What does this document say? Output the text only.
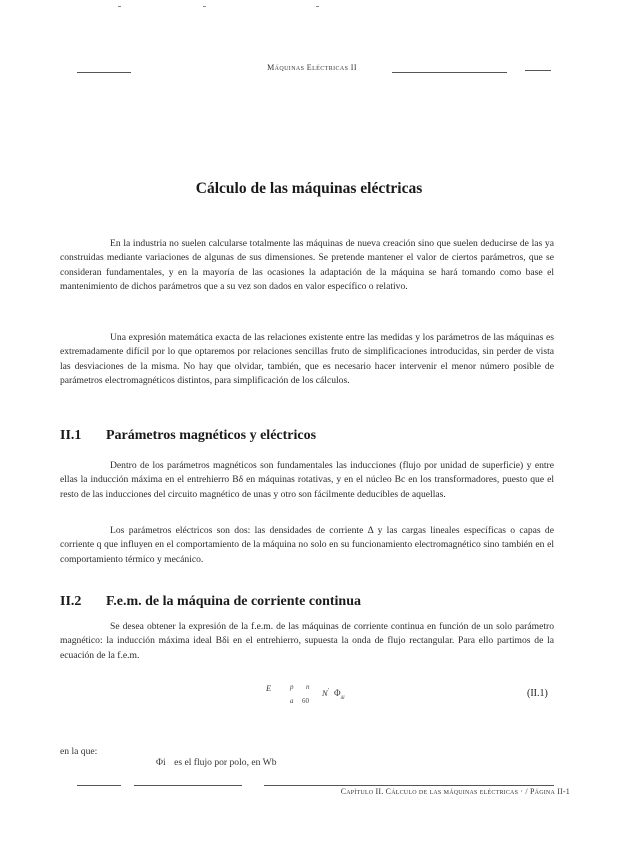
Máquinas Eléctricas II
Cálculo de las máquinas eléctricas
En la industria no suelen calcularse totalmente las máquinas de nueva creación sino que suelen deducirse de las ya construidas mediante variaciones de algunas de sus dimensiones. Se pretende mantener el valor de ciertos parámetros, que se consideran fundamentales, y en la mayoría de las ocasiones la adaptación de la máquina se hará tomando como base el mantenimiento de dichos parámetros que a su vez son dados en valor específico o relativo.
Una expresión matemática exacta de las relaciones existente entre las medidas y los parámetros de las máquinas es extremadamente difícil por lo que optaremos por relaciones sencillas fruto de simplificaciones introducidas, sin perder de vista las desviaciones de la misma. No hay que olvidar, también, que es necesario hacer intervenir el menor número posible de parámetros electromagnéticos distintos, para simplificación de los cálculos.
II.1 Parámetros magnéticos y eléctricos
Dentro de los parámetros magnéticos son fundamentales las inducciones (flujo por unidad de superficie) y entre ellas la inducción máxima en el entrehierro Bδ en máquinas rotativas, y en el núcleo Bc en los transformadores, puesto que el resto de las inducciones del circuito magnético de unas y otro son fácilmente deducibles de aquellas.
Los parámetros eléctricos son dos: las densidades de corriente Δ y las cargas lineales específicas o capas de corriente q que influyen en el comportamiento de la máquina no solo en su funcionamiento electromagnético sino también en el comportamiento térmico y mecánico.
II.2 F.e.m. de la máquina de corriente continua
Se desea obtener la expresión de la f.e.m. de las máquinas de corriente continua en función de un solo parámetro magnético: la inducción máxima ideal Bδi en el entrehierro, supuesta la onda de flujo rectangular. Para ello partimos de la ecuación de la f.e.m.
E	p
a
n
60
N' $\Phi_{\delta i}$	(II.1)
en la que:
Φi es el flujo por polo, en Wb
Capítulo II. Cálculo de las máquinas eléctricas · / Página II-1
